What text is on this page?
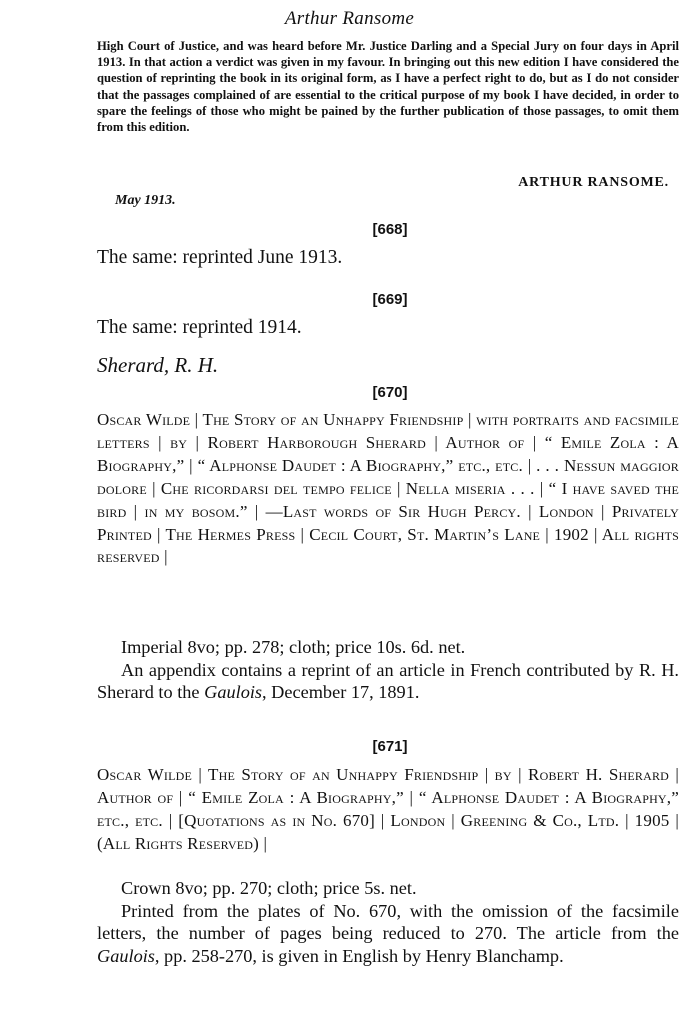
Arthur Ransome

High Court of Justice, and was heard before Mr. Justice Darling and a Special Jury on four days in April 1913. In that action a verdict was given in my favour. In bringing out this new edition I have considered the question of reprinting the book in its original form, as I have a perfect right to do, but as I do not consider that the passages complained of are essential to the critical purpose of my book I have decided, in order to spare the feelings of those who might be pained by the further publication of those passages, to omit them from this edition.

ARTHUR RANSOME.
May 1913.
[668]
The same: reprinted June 1913.
[669]
The same: reprinted 1914.
Sherard, R. H.
[670]
Oscar Wilde | The Story of an Unhappy Friendship | with portraits and facsimile letters | by | Robert Harborough Sherard | Author of | “ Emile Zola : A Biography,” | “ Alphonse Daudet : A Biography,” etc., etc. | . . . Nessun maggior dolore | Che ricordarsi del tempo felice | Nella miseria . . . | “ I have saved the bird | in my bosom.” | —Last words of Sir Hugh Percy. | London | Privately Printed | The Hermes Press | Cecil Court, St. Martin’s Lane | 1902 | All rights reserved |

Imperial 8vo; pp. 278; cloth; price 10s. 6d. net.

An appendix contains a reprint of an article in French contributed by R. H. Sherard to the Gaulois, December 17, 1891.

[671]
Oscar Wilde | The Story of an Unhappy Friendship | by | Robert H. Sherard | Author of | “ Emile Zola : A Biography,” | “ Alphonse Daudet : A Biography,” etc., etc. | [Quotations as in No. 670] | London | Greening & Co., Ltd. | 1905 | (All Rights Reserved) |

Crown 8vo; pp. 270; cloth; price 5s. net.

Printed from the plates of No. 670, with the omission of the facsimile letters, the number of pages being reduced to 270. The article from the Gaulois, pp. 258-270, is given in English by Henry Blanchamp.
